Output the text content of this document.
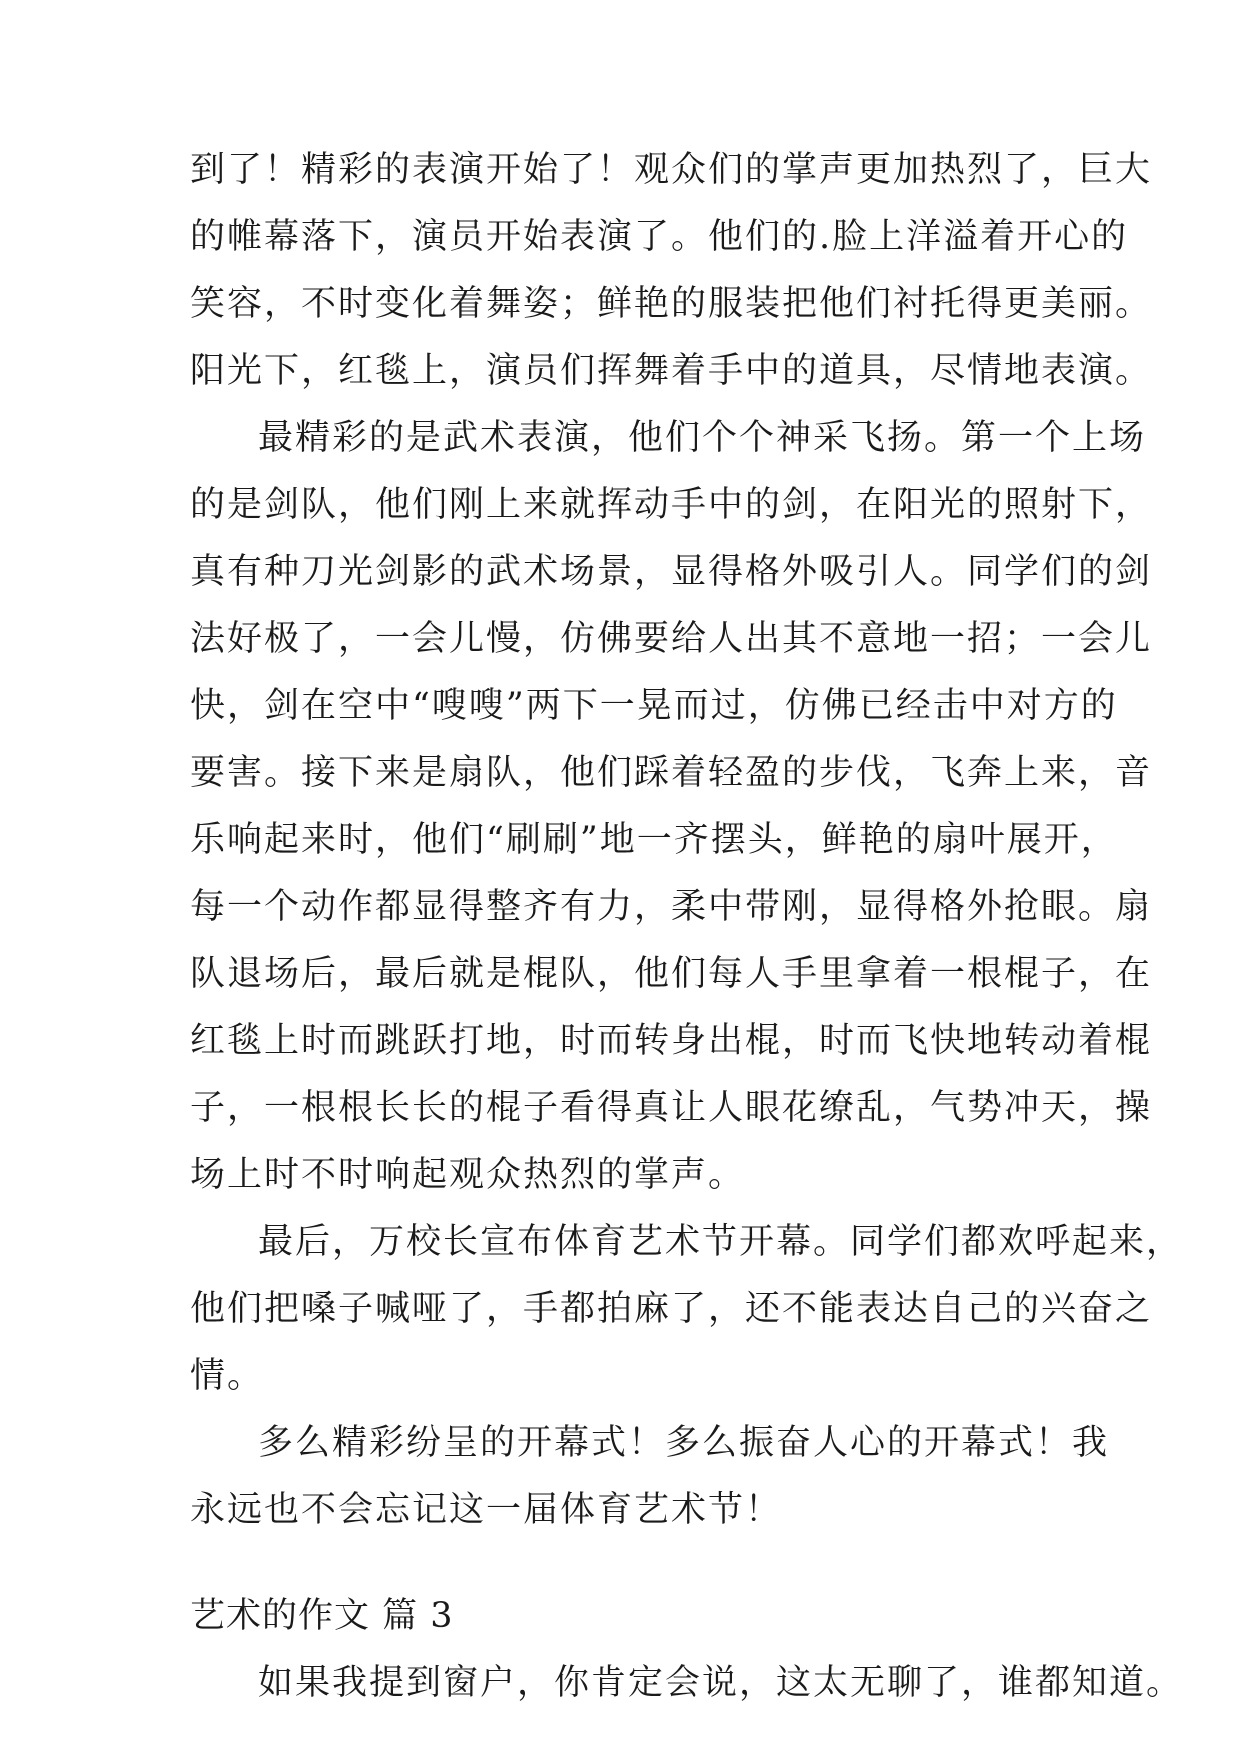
到了！精彩的表演开始了！观众们的掌声更加热烈了，巨大

的帷幕落下，演员开始表演了。他们的.脸上洋溢着开心的

笑容，不时变化着舞姿；鲜艳的服装把他们衬托得更美丽。

阳光下，红毯上，演员们挥舞着手中的道具，尽情地表演。

最精彩的是武术表演，他们个个神采飞扬。第一个上场

的是剑队，他们刚上来就挥动手中的剑，在阳光的照射下，

真有种刀光剑影的武术场景，显得格外吸引人。同学们的剑

法好极了，一会儿慢，仿佛要给人出其不意地一招；一会儿

快，剑在空中“嗖嗖”两下一晃而过，仿佛已经击中对方的

要害。接下来是扇队，他们踩着轻盈的步伐，飞奔上来，音

乐响起来时，他们“刷刷”地一齐摆头，鲜艳的扇叶展开，

每一个动作都显得整齐有力，柔中带刚，显得格外抢眼。扇

队退场后，最后就是棍队，他们每人手里拿着一根棍子，在

红毯上时而跳跃打地，时而转身出棍，时而飞快地转动着棍

子，一根根长长的棍子看得真让人眼花缭乱，气势冲天，操

场上时不时响起观众热烈的掌声。

最后，万校长宣布体育艺术节开幕。同学们都欢呼起来，

他们把嗓子喊哑了，手都拍麻了，还不能表达自己的兴奋之

情。

多么精彩纷呈的开幕式！多么振奋人心的开幕式！我

永远也不会忘记这一届体育艺术节！

艺术的作文 篇 3

如果我提到窗户，你肯定会说，这太无聊了，谁都知道。
